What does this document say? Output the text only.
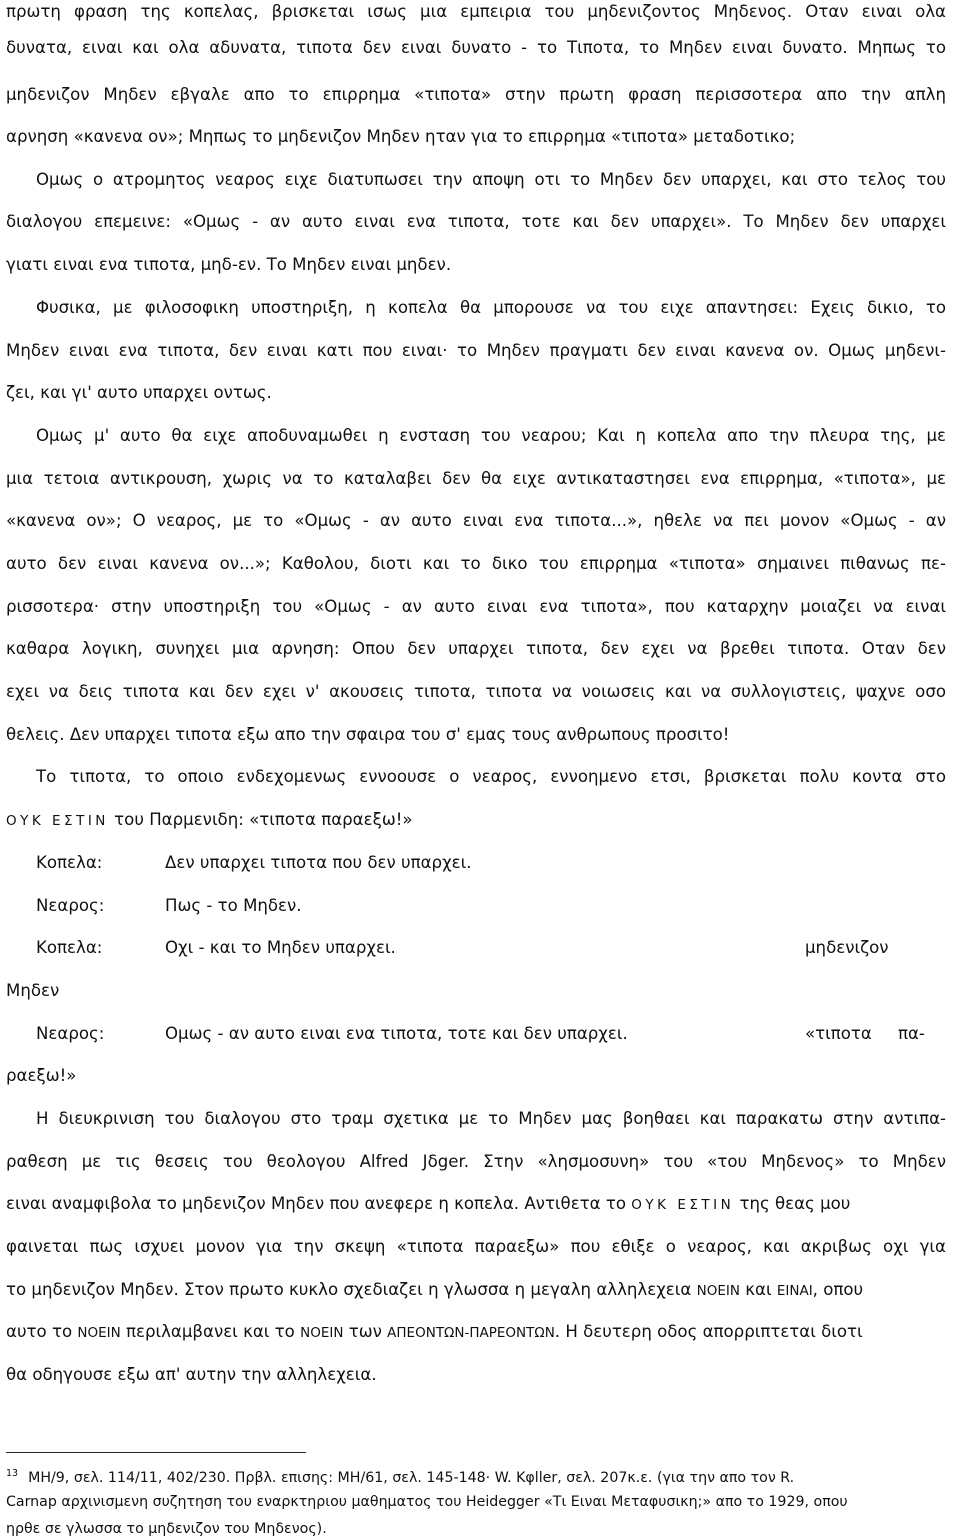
πρωτη φραση της κοπελας, βρισκεται ισως μια εμπειρια του μηδενιζοντος Μηδενος. Οταν ειναι ολα
δυνατα, ειναι και ολα αδυνατα, τιποτα δεν ειναι δυνατο - το Τιποτα, το Μηδεν ειναι δυνατο. Μηπως το
μηδενιζον Μηδεν εβγαλε απο το επιρρημα «τιποτα» στην πρωτη φραση περισσοτερα απο την απλη
αρνηση «κανενα ον»; Μηπως το μηδενιζον Μηδεν ηταν για το επιρρημα «τιποτα» μεταδοτικο;
Ομως ο ατρομητος νεαρος ειχε διατυπωσει την αποψη οτι το Μηδεν δεν υπαρχει, και στο τελος του
διαλογου επεμεινε: «Ομως - αν αυτο ειναι ενα τιποτα, τοτε και δεν υπαρχει». Το Μηδεν δεν υπαρχει
γιατι ειναι ενα τιποτα, μηδ-εν. Το Μηδεν ειναι μηδεν.
Φυσικα, με φιλοσοφικη υποστηριξη, η κοπελα θα μπορουσε να του ειχε απαντησει: Εχεις δικιο, το
Μηδεν ειναι ενα τιποτα, δεν ειναι κατι που ειναι· το Μηδεν πραγματι δεν ειναι κανενα ον. Ομως μηδενι-
ζει, και γι' αυτο υπαρχει οντως.
Ομως μ' αυτο θα ειχε αποδυναμωθει η ενσταση του νεαρου; Και η κοπελα απο την πλευρα της, με
μια τετοια αντικρουση, χωρις να το καταλαβει δεν θα ειχε αντικαταστησει ενα επιρρημα, «τιποτα», με
«κανενα ον»; Ο νεαρος, με το «Ομως - αν αυτο ειναι ενα τιποτα...», ηθελε να πει μονον «Ομως - αν
αυτο δεν ειναι κανενα ον...»; Καθολου, διοτι και το δικο του επιρρημα «τιποτα» σημαινει πιθανως πε-
ρισσοτερα· στην υποστηριξη του «Ομως - αν αυτο ειναι ενα τιποτα», που καταρχην μοιαζει να ειναι
καθαρα λογικη, συνηχει μια αρνηση: Οπου δεν υπαρχει τιποτα, δεν εχει να βρεθει τιποτα. Οταν δεν
εχει να δεις τιποτα και δεν εχει ν' ακουσεις τιποτα, τιποτα να νοιωσεις και να συλλογιστεις, ψαχνε οσο
θελεις. Δεν υπαρχει τιποτα εξω απο την σφαιρα του σ' εμας τους ανθρωπους προσιτο!
Το τιποτα, το οποιο ενδεχομενως εννοουσε ο νεαρος, εννοημενο ετσι, βρισκεται πολυ κοντα στο
ΟΥΚ ΕΣΤΙΝ του Παρμενιδη: «τιποτα παραεξω!»
Κοπελα:	Δεν υπαρχει τιποτα που δεν υπαρχει.
Νεαρος:	Πως - το Μηδεν.
Κοπελα:	Οχι - και το Μηδεν υπαρχει.	μηδενιζον
Μηδεν
Νεαρος:	Ομως - αν αυτο ειναι ενα τιποτα, τοτε και δεν υπαρχει.	«τιποτα πα-
ραεξω!»
Η διευκρινιση του διαλογου στο τραμ σχετικα με το Μηδεν μας βοηθαει και παρακατω στην αντιπα-
ραθεση με τις θεσεις του θεολογου Alfred Jδger. Στην «λησμοσυνη» του «του Μηδενος» το Μηδεν
ειναι αναμφιβολα το μηδενιζον Μηδεν που ανεφερε η κοπελα. Αντιθετα το ΟΥΚ ΕΣΤΙΝ της θεας μου
φαινεται πως ισχυει μονον για την σκεψη «τιποτα παραεξω» που εθιξε ο νεαρος, και ακριβως οχι για
το μηδενιζον Μηδεν. Στον πρωτο κυκλο σχεδιαζει η γλωσσα η μεγαλη αλληλεχεια ΝΟΕΙΝ και ΕΙΝΑΙ, οπου
αυτο το ΝΟΕΙΝ περιλαμβανει και το ΝΟΕΙΝ των ΑΠΕΟΝΤΩΝ-ΠΑΡΕΟΝΤΩΝ. Η δευτερη οδος απορριπτεται διοτι
θα οδηγουσε εξω απ' αυτην την αλληλεχεια.
$^{13}$ ΜΗ/9, σελ. 114/11, 402/230. Πρβλ. επισης: ΜΗ/61, σελ. 145-148· W. Kφller, σελ. 207κ.ε. (για την απο τον R.
Carnap αρχινισμενη συζητηση του εναρκτηριου μαθηματος του Heidegger «Τι Ειναι Μεταφυσικη;» απο το 1929, οπου
ηρθε σε γλωσσα το μηδενιζον του Μηδενος).
